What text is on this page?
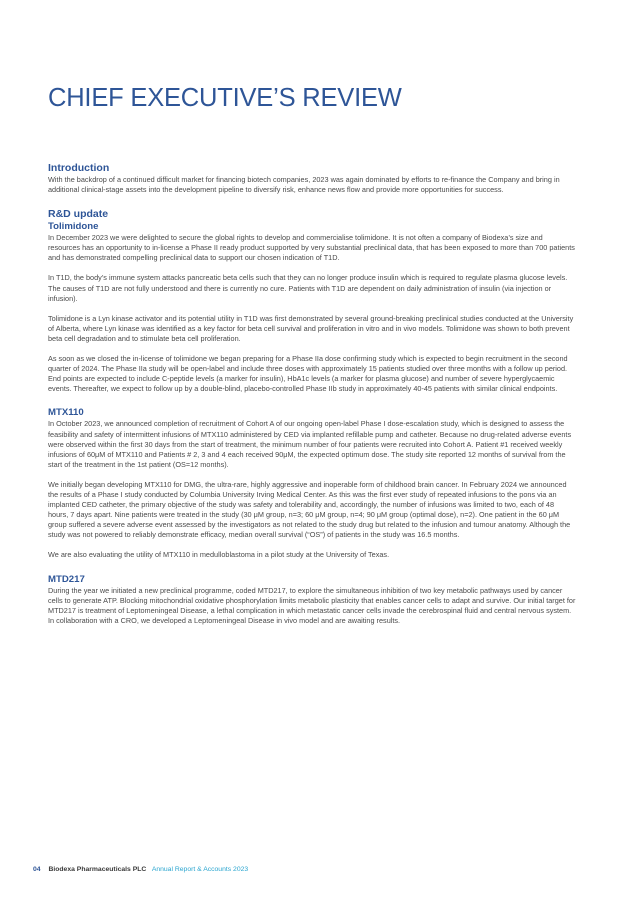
CHIEF EXECUTIVE’S REVIEW
Introduction

With the backdrop of a continued difficult market for financing biotech companies, 2023 was again dominated by efforts to re-finance the Company and bring in additional clinical-stage assets into the development pipeline to diversify risk, enhance news flow and provide more opportunities for success.

R&D update
Tolimidone

In December 2023 we were delighted to secure the global rights to develop and commercialise tolimidone. It is not often a company of Biodexa’s size and resources has an opportunity to in-license a Phase II ready product supported by very substantial preclinical data, that has been exposed to more than 700 patients and has demonstrated compelling preclinical data to support our chosen indication of T1D.

In T1D, the body’s immune system attacks pancreatic beta cells such that they can no longer produce insulin which is required to regulate plasma glucose levels. The causes of T1D are not fully understood and there is currently no cure. Patients with T1D are dependent on daily administration of insulin (via injection or infusion).

Tolimidone is a Lyn kinase activator and its potential utility in T1D was first demonstrated by several ground-breaking preclinical studies conducted at the University of Alberta, where Lyn kinase was identified as a key factor for beta cell survival and proliferation in vitro and in vivo models. Tolimidone was shown to both prevent beta cell degradation and to stimulate beta cell proliferation.

As soon as we closed the in-license of tolimidone we began preparing for a Phase IIa dose confirming study which is expected to begin recruitment in the second quarter of 2024. The Phase IIa study will be open-label and include three doses with approximately 15 patients studied over three months with a follow up period. End points are expected to include C-peptide levels (a marker for insulin), HbA1c levels (a marker for plasma glucose) and number of severe hyperglycaemic events. Thereafter, we expect to follow up by a double-blind, placebo-controlled Phase IIb study in approximately 40-45 patients with similar clinical endpoints.

MTX110

In October 2023, we announced completion of recruitment of Cohort A of our ongoing open-label Phase I dose-escalation study, which is designed to assess the feasibility and safety of intermittent infusions of MTX110 administered by CED via implanted refillable pump and catheter. Because no drug-related adverse events were observed within the first 30 days from the start of treatment, the minimum number of four patients were recruited into Cohort A. Patient #1 received weekly infusions of 60μM of MTX110 and Patients # 2, 3 and 4 each received 90μM, the expected optimum dose. The study site reported 12 months of survival from the start of the treatment in the 1st patient (OS=12 months).

We initially began developing MTX110 for DMG, the ultra-rare, highly aggressive and inoperable form of childhood brain cancer. In February 2024 we announced the results of a Phase I study conducted by Columbia University Irving Medical Center. As this was the first ever study of repeated infusions to the pons via an implanted CED catheter, the primary objective of the study was safety and tolerability and, accordingly, the number of infusions was limited to two, each of 48 hours, 7 days apart. Nine patients were treated in the study (30 μM group, n=3; 60 μM group, n=4; 90 μM group (optimal dose), n=2). One patient in the 60 μM group suffered a severe adverse event assessed by the investigators as not related to the study drug but related to the infusion and tumour anatomy. Although the study was not powered to reliably demonstrate efficacy, median overall survival (“OS”) of patients in the study was 16.5 months.

We are also evaluating the utility of MTX110 in medulloblastoma in a pilot study at the University of Texas.

MTD217

During the year we initiated a new preclinical programme, coded MTD217, to explore the simultaneous inhibition of two key metabolic pathways used by cancer cells to generate ATP. Blocking mitochondrial oxidative phosphorylation limits metabolic plasticity that enables cancer cells to adapt and survive. Our initial target for MTD217 is treatment of Leptomeningeal Disease, a lethal complication in which metastatic cancer cells invade the cerebrospinal fluid and central nervous system. In collaboration with a CRO, we developed a Leptomeningeal Disease in vivo model and are awaiting results.

04 Biodexa Pharmaceuticals PLC Annual Report & Accounts 2023
